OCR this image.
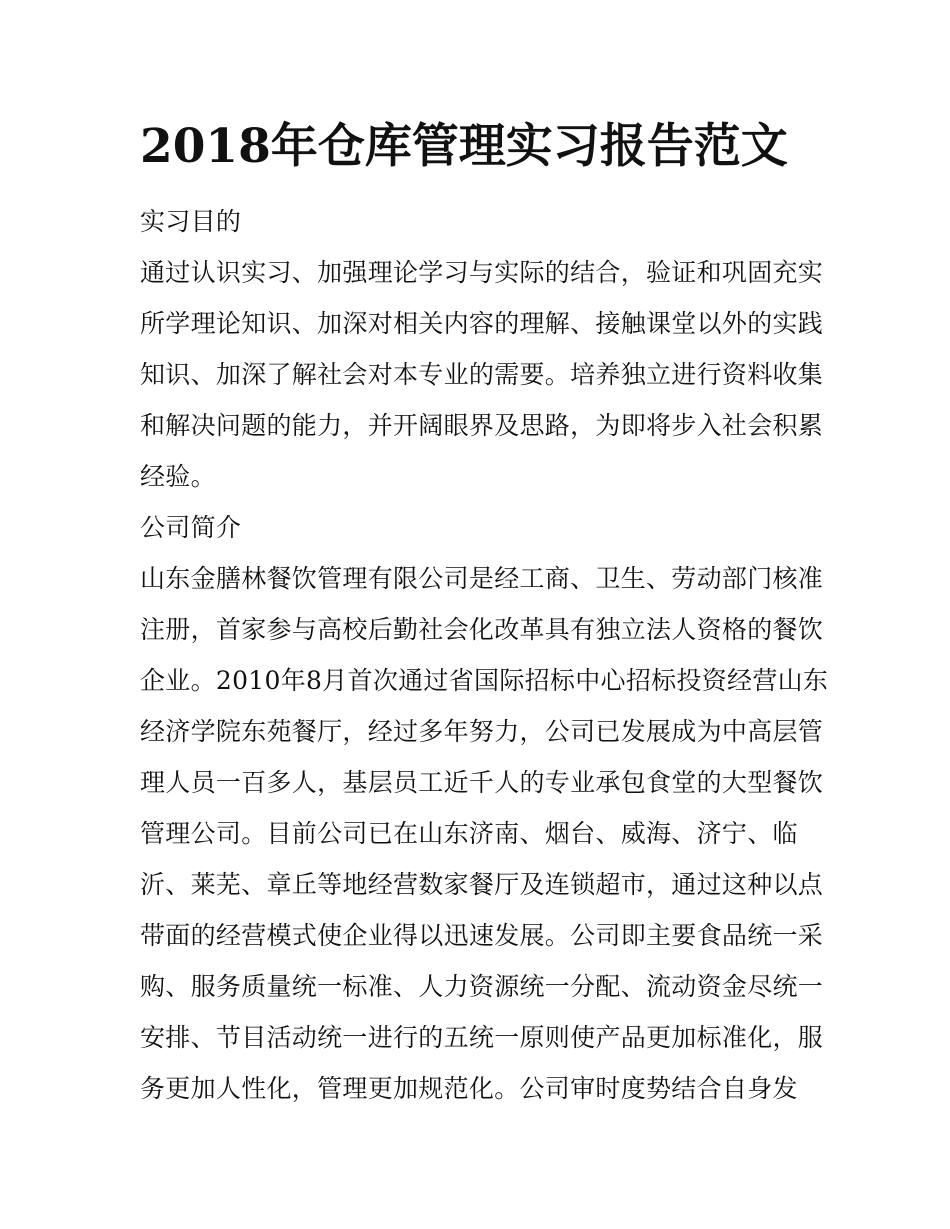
2018年仓库管理实习报告范文

实习目的

通过认识实习、加强理论学习与实际的结合，验证和巩固充实

所学理论知识、加深对相关内容的理解、接触课堂以外的实践

知识、加深了解社会对本专业的需要。培养独立进行资料收集

和解决问题的能力，并开阔眼界及思路，为即将步入社会积累

经验。

公司简介

山东金膳林餐饮管理有限公司是经工商、卫生、劳动部门核准

注册，首家参与高校后勤社会化改革具有独立法人资格的餐饮

企业。2010年8月首次通过省国际招标中心招标投资经营山东

经济学院东苑餐厅，经过多年努力，公司已发展成为中高层管

理人员一百多人，基层员工近千人的专业承包食堂的大型餐饮

管理公司。目前公司已在山东济南、烟台、威海、济宁、临

沂、莱芜、章丘等地经营数家餐厅及连锁超市，通过这种以点

带面的经营模式使企业得以迅速发展。公司即主要食品统一采

购、服务质量统一标准、人力资源统一分配、流动资金尽统一

安排、节目活动统一进行的五统一原则使产品更加标准化，服

务更加人性化，管理更加规范化。公司审时度势结合自身发
